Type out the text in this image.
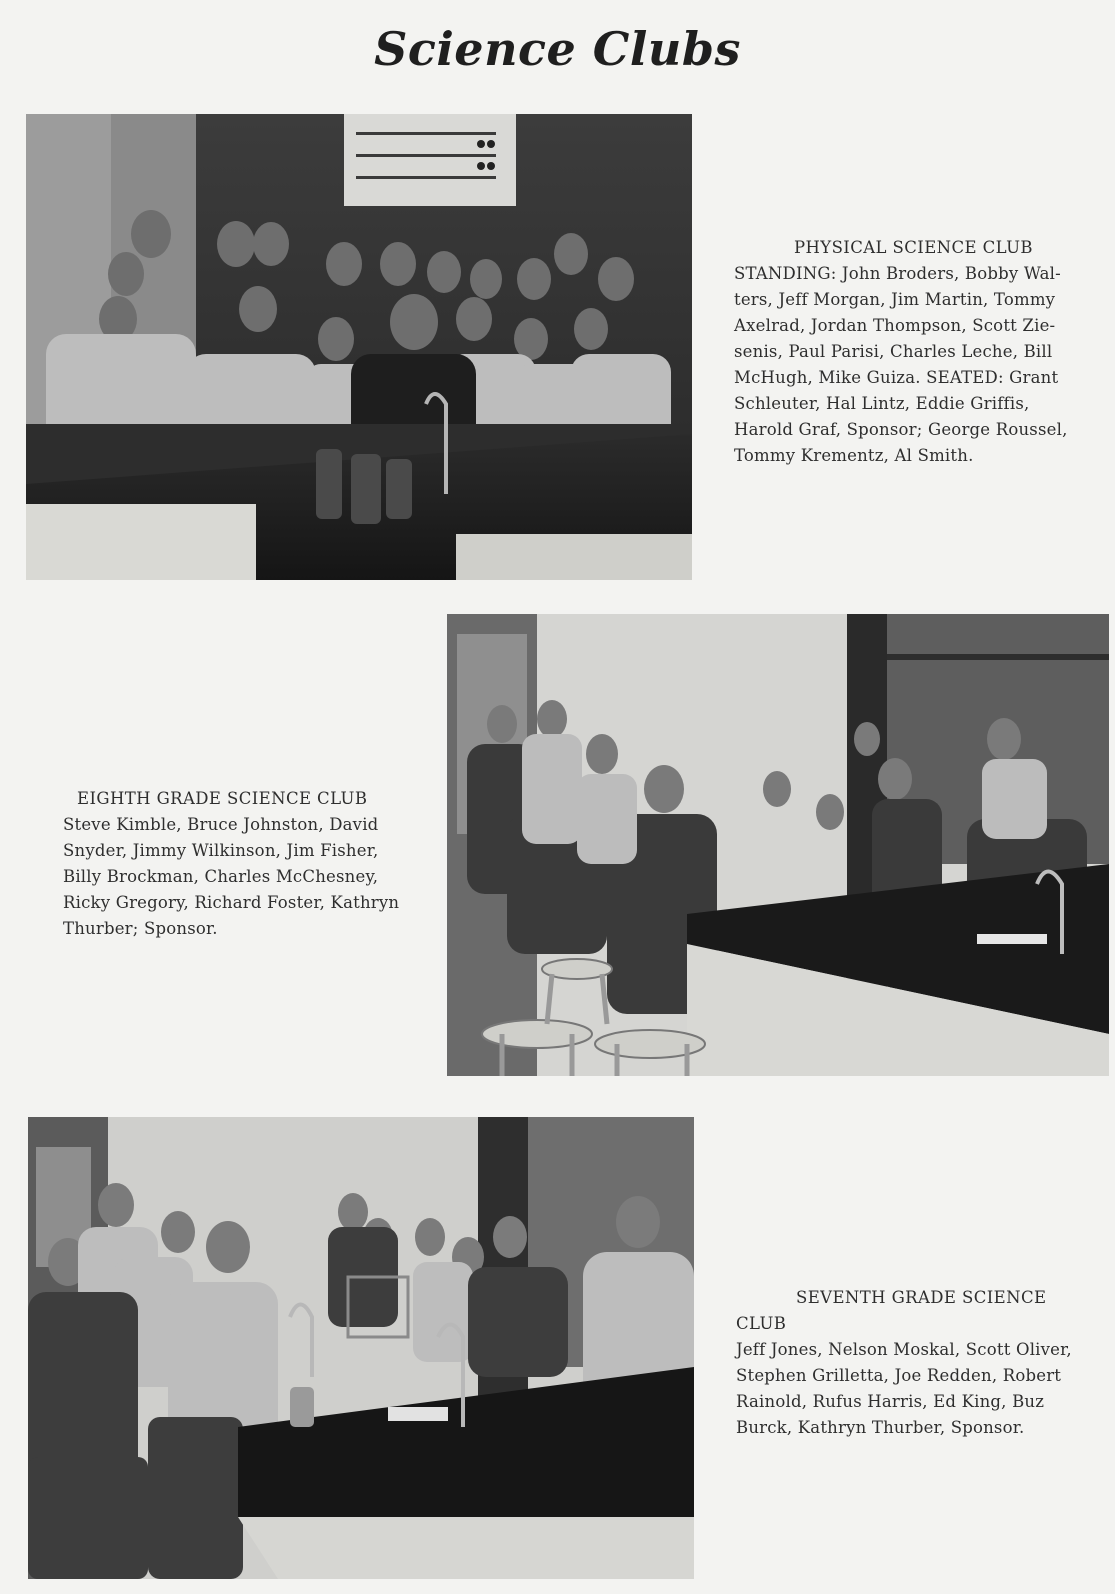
Science Clubs
PHYSICAL SCIENCE CLUB
STANDING: John Broders, Bobby Wal-ters, Jeff Morgan, Jim Martin, Tommy Axelrad, Jordan Thompson, Scott Zie-senis, Paul Parisi, Charles Leche, Bill McHugh, Mike Guiza. SEATED: Grant Schleuter, Hal Lintz, Eddie Griffis, Harold Graf, Sponsor; George Roussel, Tommy Krementz, Al Smith.
EIGHTH GRADE SCIENCE CLUB
Steve Kimble, Bruce Johnston, David Snyder, Jimmy Wilkinson, Jim Fisher, Billy Brockman, Charles McChesney, Ricky Gregory, Richard Foster, Kathryn Thurber; Sponsor.
SEVENTH GRADE SCIENCE CLUB
Jeff Jones, Nelson Moskal, Scott Oliver, Stephen Grilletta, Joe Redden, Robert Rainold, Rufus Harris, Ed King, Buz Burck, Kathryn Thurber, Sponsor.
